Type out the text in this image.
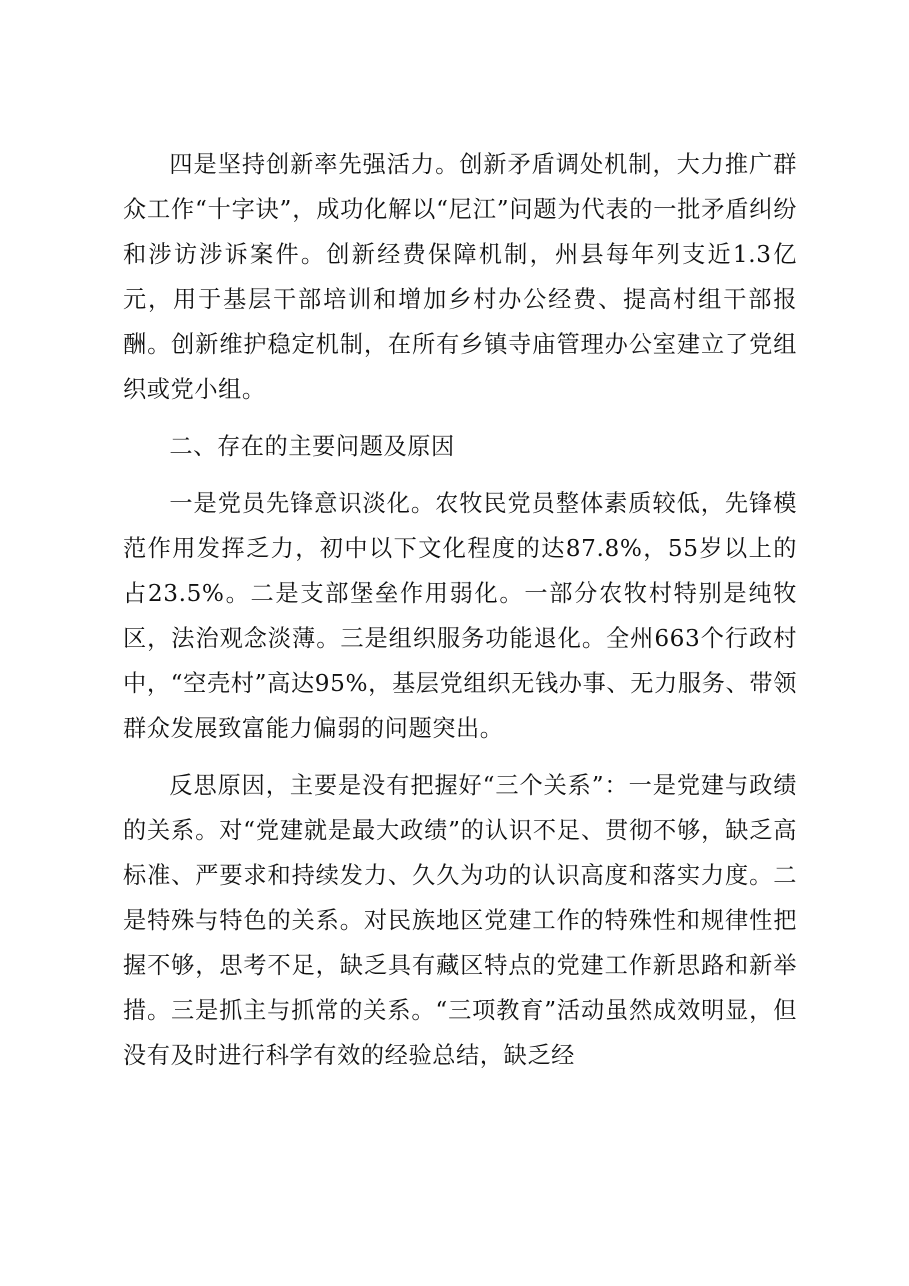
四是坚持创新率先强活力。创新矛盾调处机制，大力推广群众工作“十字诀”，成功化解以“尼江”问题为代表的一批矛盾纠纷和涉访涉诉案件。创新经费保障机制，州县每年列支近1.3亿元，用于基层干部培训和增加乡村办公经费、提高村组干部报酬。创新维护稳定机制，在所有乡镇寺庙管理办公室建立了党组织或党小组。

二、存在的主要问题及原因

一是党员先锋意识淡化。农牧民党员整体素质较低，先锋模范作用发挥乏力，初中以下文化程度的达87.8%，55岁以上的占23.5%。二是支部堡垒作用弱化。一部分农牧村特别是纯牧区，法治观念淡薄。三是组织服务功能退化。全州663个行政村中，“空壳村”高达95%，基层党组织无钱办事、无力服务、带领群众发展致富能力偏弱的问题突出。

反思原因，主要是没有把握好“三个关系”：一是党建与政绩的关系。对“党建就是最大政绩”的认识不足、贯彻不够，缺乏高标准、严要求和持续发力、久久为功的认识高度和落实力度。二是特殊与特色的关系。对民族地区党建工作的特殊性和规律性把握不够，思考不足，缺乏具有藏区特点的党建工作新思路和新举措。三是抓主与抓常的关系。“三项教育”活动虽然成效明显，但没有及时进行科学有效的经验总结，缺乏经
